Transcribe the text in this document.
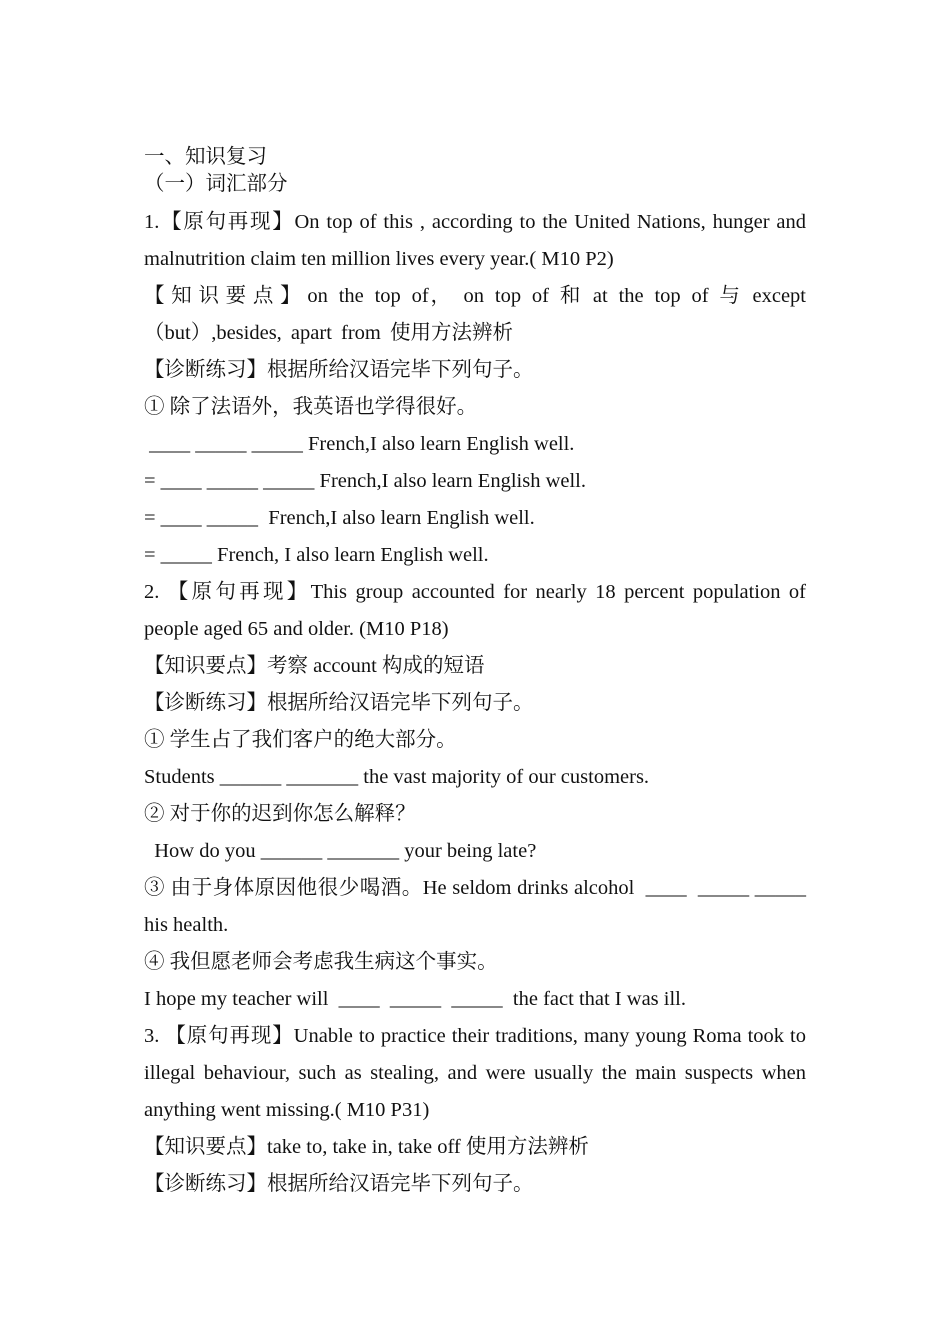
一、知识复习

（一）词汇部分

1.【原句再现】On top of this , according to the United Nations, hunger and malnutrition claim ten million lives every year.( M10 P2)

【知识要点】on the top of， on top of 和 at the top of 与 except（but）,besides, apart from 使用方法辨析

【诊断练习】根据所给汉语完毕下列句子。

① 除了法语外，我英语也学得很好。

____ _____ _____ French,I also learn English well.

= ____ _____ _____ French,I also learn English well.

= ____ _____  French,I also learn English well.

= _____ French, I also learn English well.

2. 【原句再现】This group accounted for nearly 18 percent population of people aged 65 and older. (M10 P18)

【知识要点】考察 account 构成的短语

【诊断练习】根据所给汉语完毕下列句子。

① 学生占了我们客户的绝大部分。

Students ______ _______ the vast majority of our customers.

② 对于你的迟到你怎么解释？

How do you ______ _______ your being late?

③ 由于身体原因他很少喝酒。He seldom drinks alcohol  ____  _____ _____  his health.

④ 我但愿老师会考虑我生病这个事实。

I hope my teacher will  ____  _____  _____  the fact that I was ill.

3. 【原句再现】Unable to practice their traditions, many young Roma took to illegal behaviour, such as stealing, and were usually the main suspects when anything went missing.( M10 P31)

【知识要点】take to, take in, take off 使用方法辨析

【诊断练习】根据所给汉语完毕下列句子。
